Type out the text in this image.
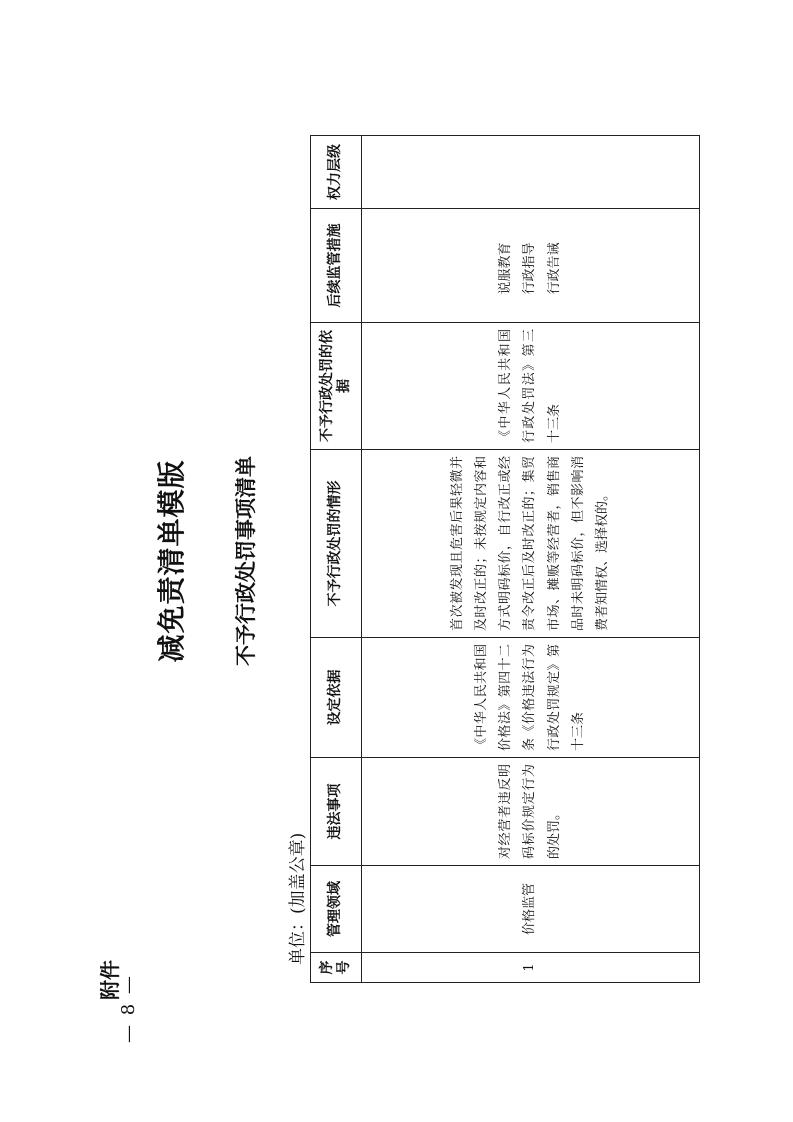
— 8 —
附件
减免责清单模版 不予行政处罚事项清单
单位：(加盖公章)
序号	管理领域	违法事项	设定依据	不予行政处罚的情形	不予行政处罚的依据	后续监管措施	权力层级
1	价格监管	对经营者违反明码标价规定行为的处罚。	《中华人民共和国价格法》第四十二条《价格违法行为行政处罚规定》第十三条	首次被发现且危害后果轻微并及时改正的；未按规定内容和方式明码标价，自行改正或经责令改正后及时改正的；集贸市场、摊贩等经营者，销售商品时未明码标价，但不影响消费者知情权、选择权的。	《中华人民共和国行政处罚法》第三十三条	说服教育行政指导行政告诫	
